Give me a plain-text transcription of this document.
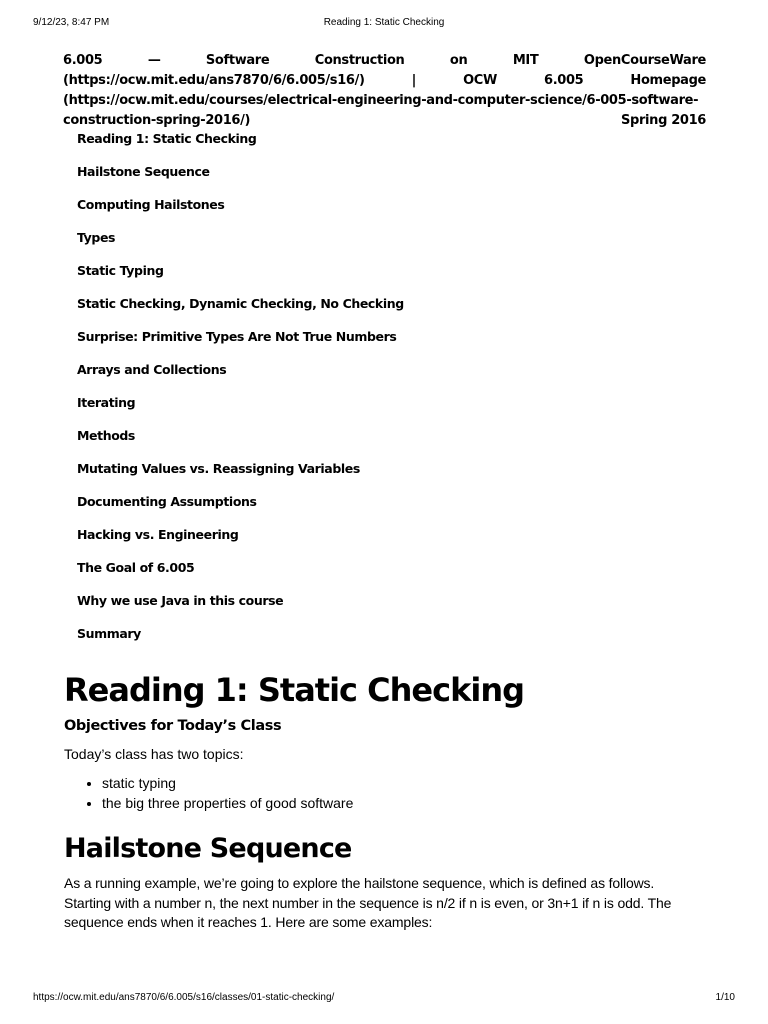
9/12/23, 8:47 PM	Reading 1: Static Checking
6.005 — Software Construction on MIT OpenCourseWare (https://ocw.mit.edu/ans7870/6/6.005/s16/) | OCW 6.005 Homepage (https://ocw.mit.edu/courses/electrical-engineering-and-computer-science/6-005-software-construction-spring-2016/)	Spring 2016
Reading 1: Static Checking
Hailstone Sequence
Computing Hailstones
Types
Static Typing
Static Checking, Dynamic Checking, No Checking
Surprise: Primitive Types Are Not True Numbers
Arrays and Collections
Iterating
Methods
Mutating Values vs. Reassigning Variables
Documenting Assumptions
Hacking vs. Engineering
The Goal of 6.005
Why we use Java in this course
Summary
Reading 1: Static Checking
Objectives for Today’s Class

Today’s class has two topics:

• static typing
• the big three properties of good software
Hailstone Sequence

As a running example, we’re going to explore the hailstone sequence, which is defined as follows. Starting with a number n, the next number in the sequence is n/2 if n is even, or 3n+1 if n is odd. The sequence ends when it reaches 1. Here are some examples:

https://ocw.mit.edu/ans7870/6/6.005/s16/classes/01-static-checking/	1/10
